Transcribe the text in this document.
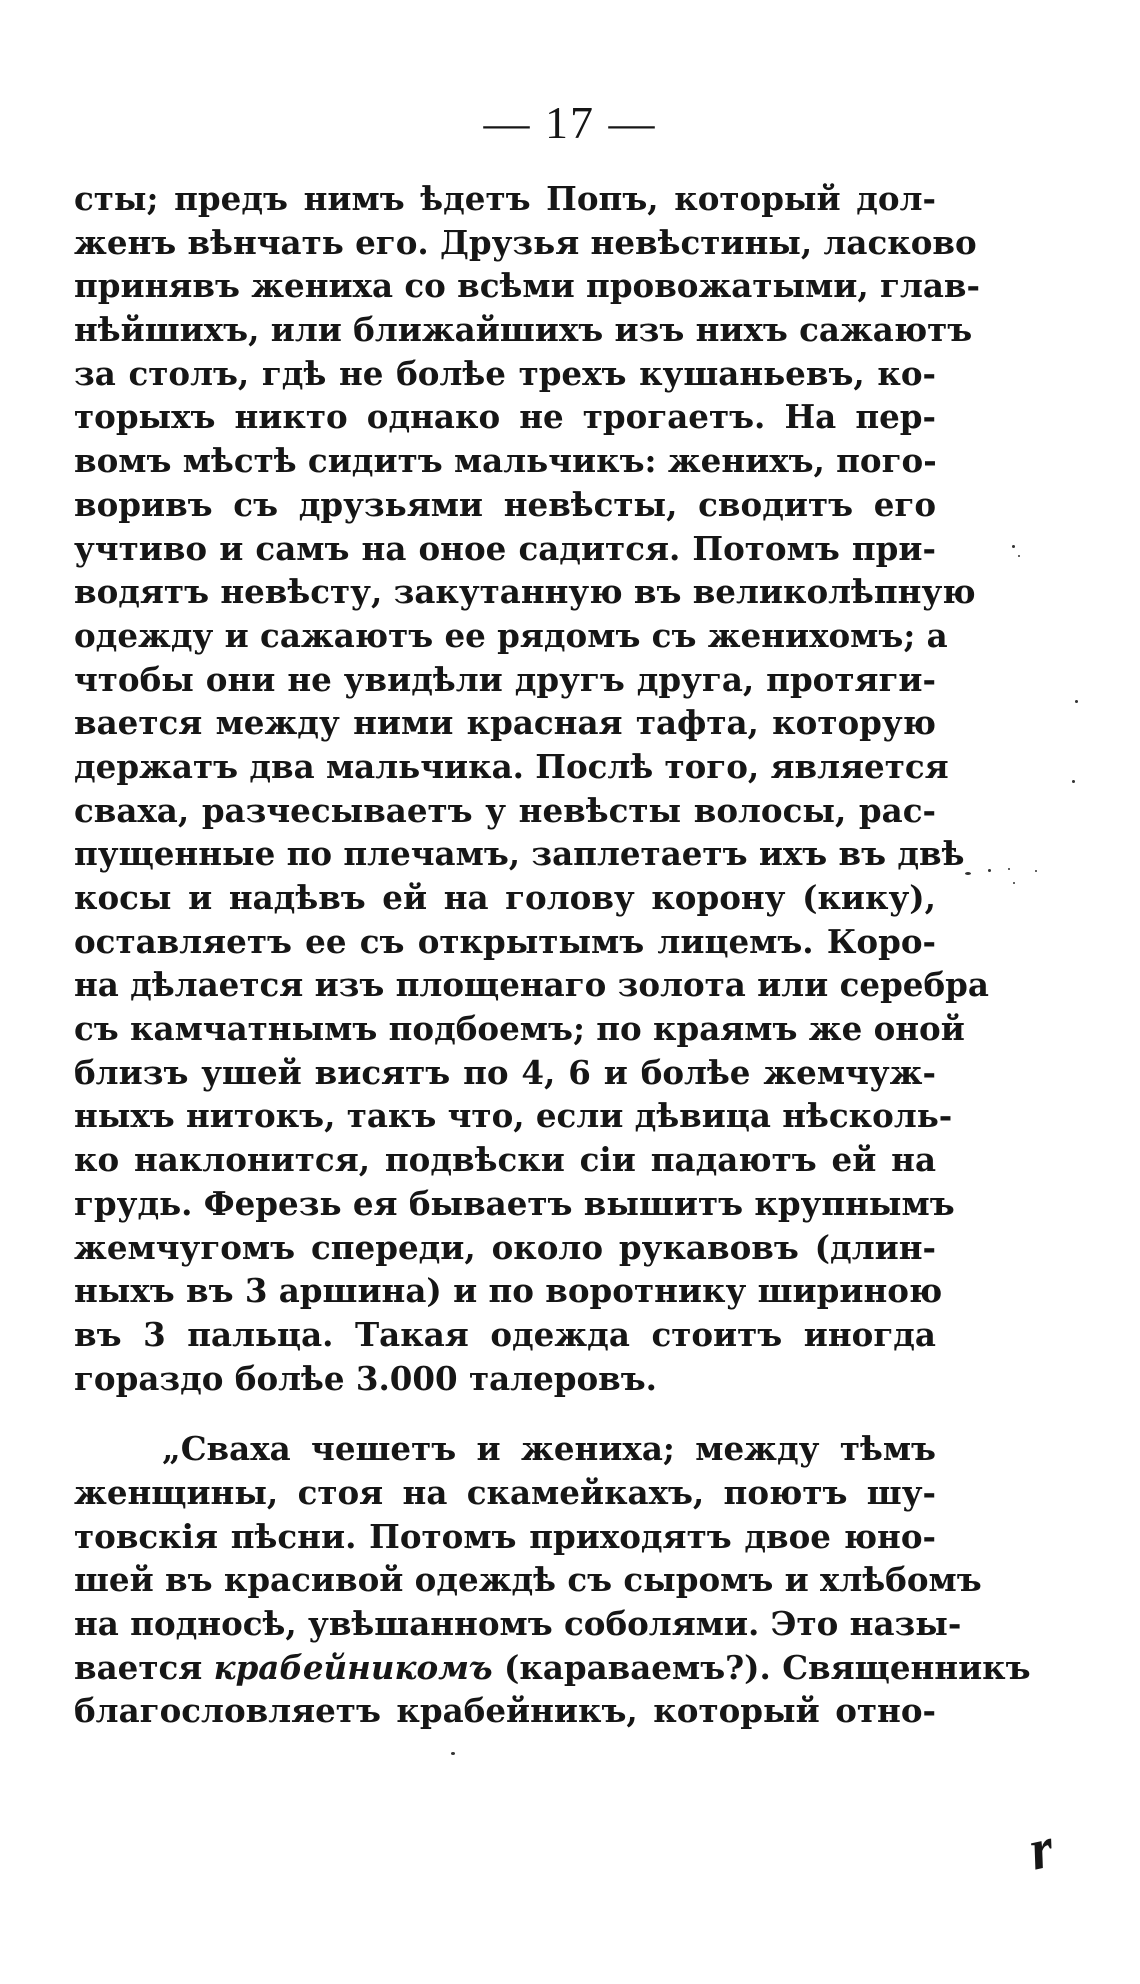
— 17 —
сты; предъ нимъ ѣдетъ Попъ, который дол-
женъ вѣнчать его. Друзья невѣстины, ласково
принявъ жениха со всѣми провожатыми, глав-
нѣйшихъ, или ближайшихъ изъ нихъ сажаютъ
за столъ, гдѣ не болѣе трехъ кушаньевъ, ко-
торыхъ никто однако не трогаетъ. На пер-
вомъ мѣстѣ сидитъ мальчикъ: женихъ, пого-
воривъ съ друзьями невѣсты, сводитъ его
учтиво и самъ на оное садится. Потомъ при-
водятъ невѣсту, закутанную въ великолѣпную
одежду и сажаютъ ее рядомъ съ женихомъ; а
чтобы они не увидѣли другъ друга, протяги-
вается между ними красная тафта, которую
держатъ два мальчика. Послѣ того, является
сваха, разчесываетъ у невѣсты волосы, рас-
пущенные по плечамъ, заплетаетъ ихъ въ двѣ
косы и надѣвъ ей на голову корону (кику),
оставляетъ ее съ открытымъ лицемъ. Коро-
на дѣлается изъ площенаго золота или серебра
съ камчатнымъ подбоемъ; по краямъ же оной
близъ ушей висятъ по 4, 6 и болѣе жемчуж-
ныхъ нитокъ, такъ что, если дѣвица нѣсколь-
ко наклонится, подвѣски сіи падаютъ ей на
грудь. Ферезь ея бываетъ вышитъ крупнымъ
жемчугомъ спереди, около рукавовъ (длин-
ныхъ въ 3 аршина) и по воротнику шириною
въ 3 пальца. Такая одежда стоитъ иногда
гораздо болѣе 3.000 талеровъ.
„Сваха чешетъ и жениха; между тѣмъ
женщины, стоя на скамейкахъ, поютъ шу-
товскія пѣсни. Потомъ приходятъ двое юно-
шей въ красивой одеждѣ съ сыромъ и хлѣбомъ
на подносѣ, увѣшанномъ соболями. Это назы-
вается крабейникомъ (караваемъ?). Священникъ
благословляетъ крабейникъ, который отно-
r
